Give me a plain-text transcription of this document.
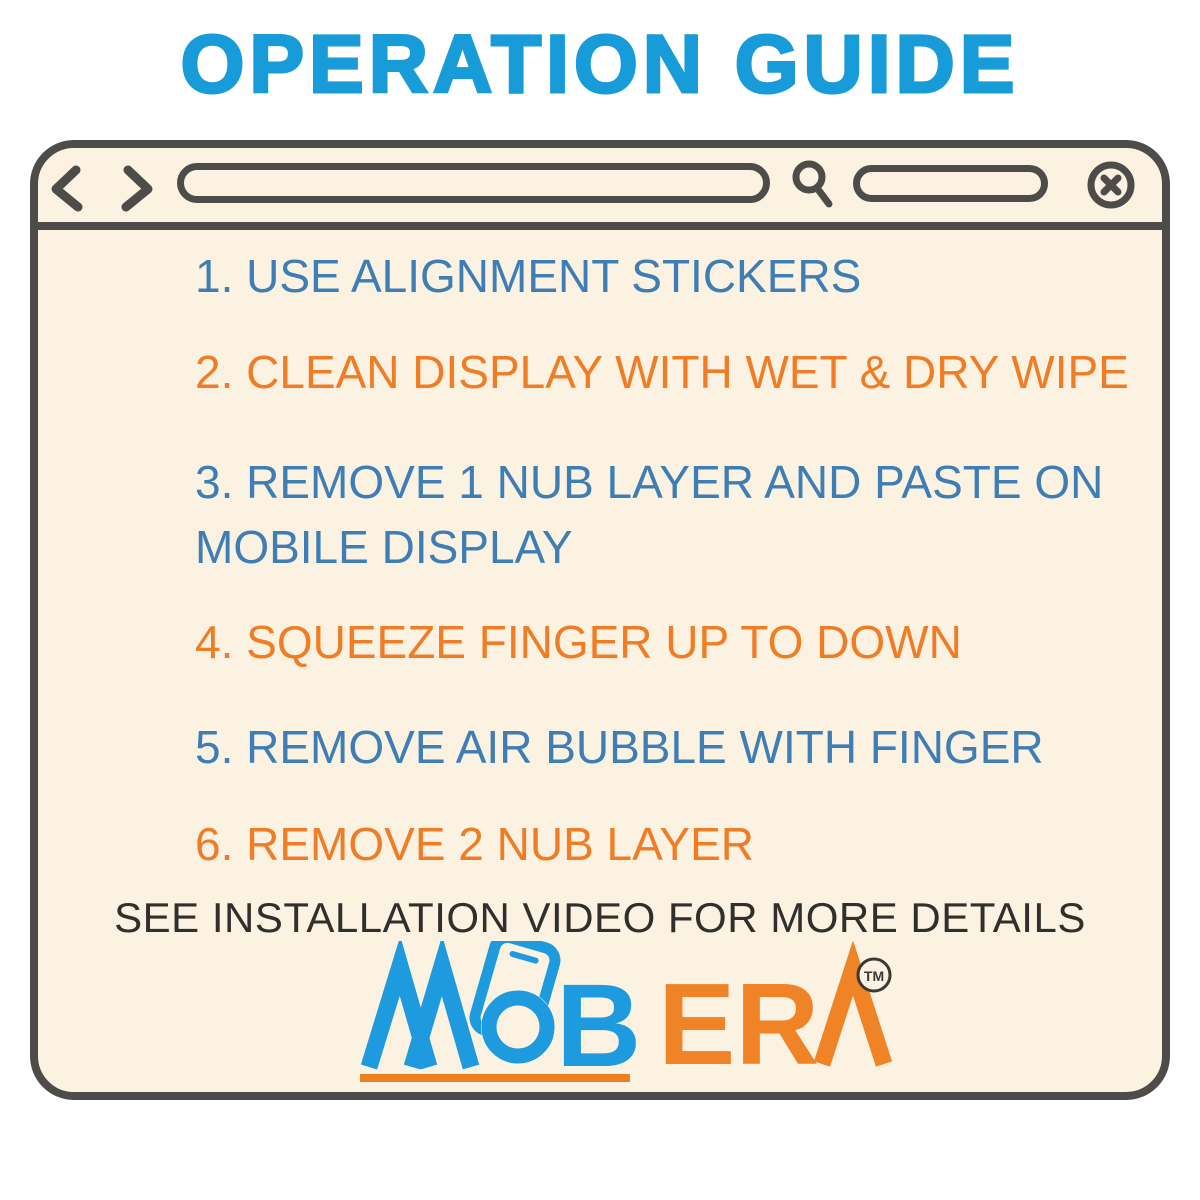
OPERATION GUIDE
1. USE ALIGNMENT STICKERS
2. CLEAN DISPLAY WITH WET & DRY WIPE
3. REMOVE 1 NUB LAYER AND PASTE ON MOBILE DISPLAY
4. SQUEEZE FINGER UP TO DOWN
5. REMOVE AIR BUBBLE WITH FINGER
6. REMOVE 2 NUB LAYER
SEE INSTALLATION VIDEO FOR MORE DETAILS
B ER	TM
